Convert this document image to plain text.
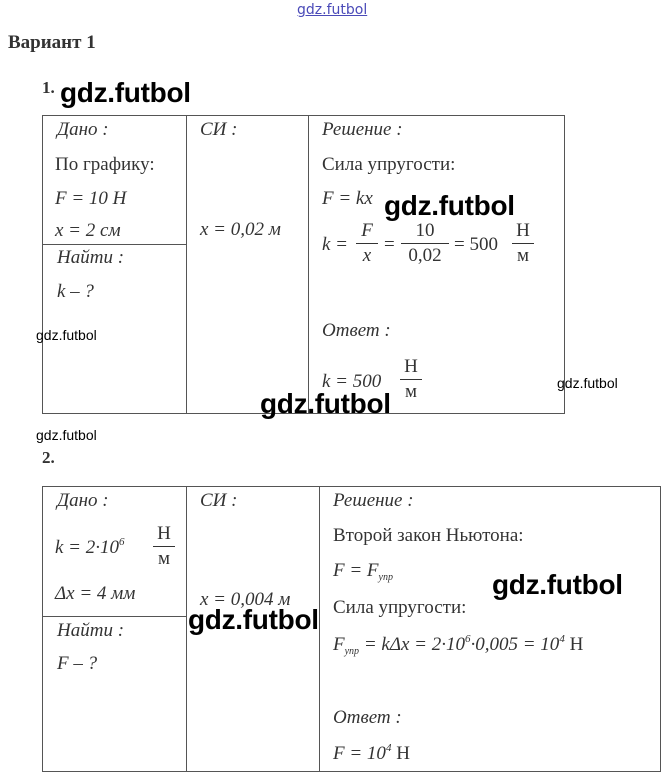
gdz.futbol
Вариант 1
1. gdz.futbol
Дано :
По графику:
F = 10 Н
x = 2 см
Найти :
k – ?
СИ :
x = 0,02 м
Решение :
Сила упругости:
F = kx
k =
F
x
=
10
0,02
= 500
Н
м
Ответ :
k = 500
Н
м
gdz.futbol
gdz.futbol
gdz.futbol
gdz.futbol
gdz.futbol
2.
Дано :
$k = 2\cdot 10^6$ Н
м
Δx = 4 мм
Найти :
F – ?
СИ :
x = 0,004 м
Решение :
Второй закон Ньютона:
$F = F_{упр}$
Сила упругости:
$F_{упр} = k\Delta x = 2\cdot 10^6\cdot 0,005 = 10^4$ Н
Ответ :
$F = 10^4$ Н
gdz.futbol
gdz.futbol
